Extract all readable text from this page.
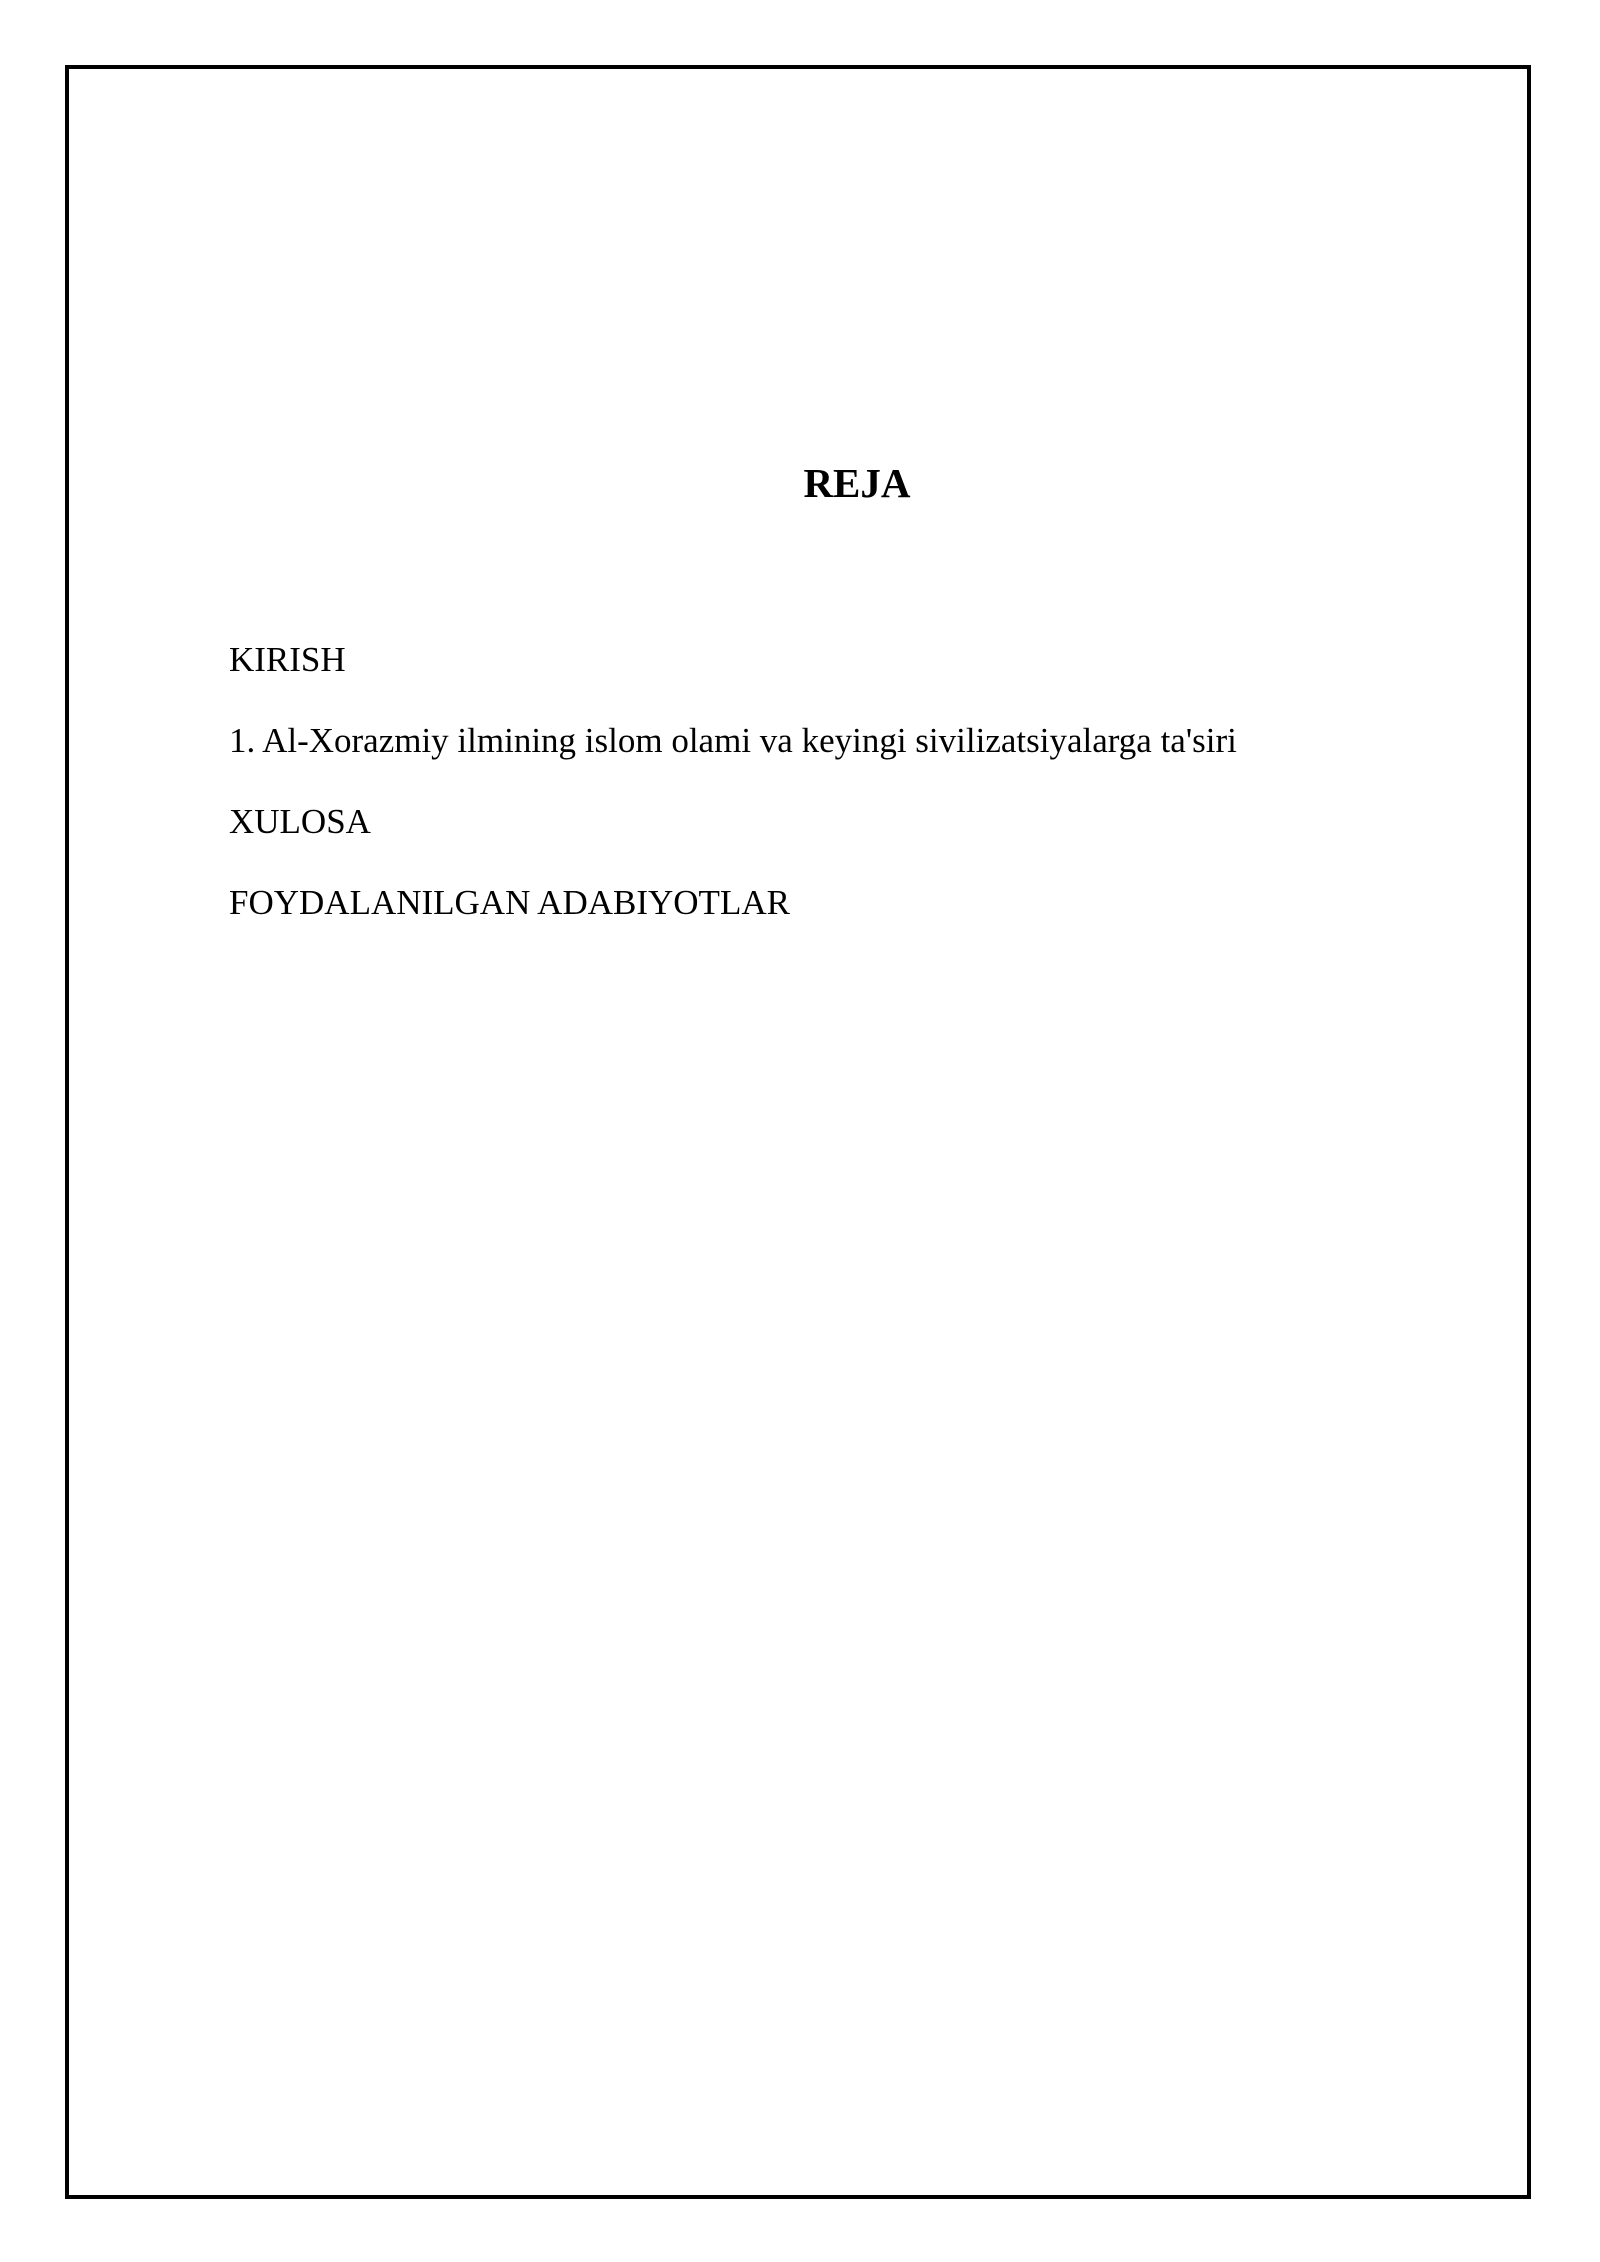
REJA
KIRISH
1. Al-Xorazmiy ilmining islom olami va keyingi sivilizatsiyalarga ta'siri
XULOSA
FOYDALANILGAN ADABIYOTLAR
